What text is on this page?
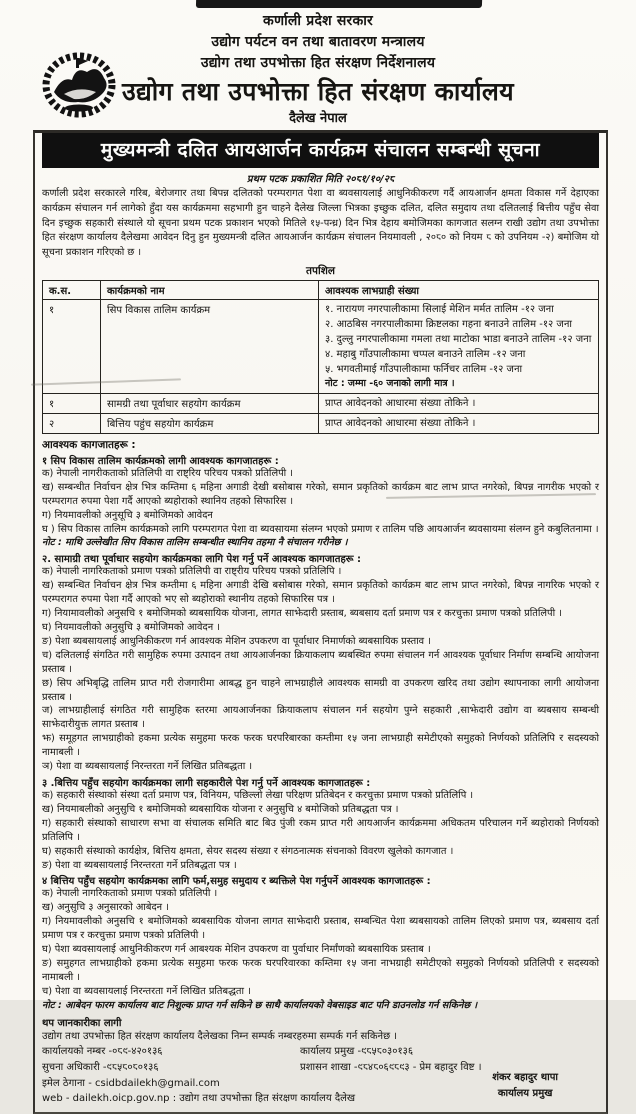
कर्णाली प्रदेश सरकार
उद्योग पर्यटन वन तथा बातावरण मन्त्रालय
उद्योग तथा उपभोक्ता हित संरक्षण निर्देशनालय
उद्योग तथा उपभोक्ता हित संरक्षण कार्यालय
दैलेख नेपाल
मुख्यमन्त्री दलित आयआर्जन कार्यक्रम संचालन सम्बन्धी सूचना
प्रथम पटक प्रकाशित मिति २०८१/१०/२८

कर्णाली प्रदेश सरकारले गरिब, बेरोजगार तथा बिपन्न दलितको परम्परागत पेशा वा ब्यवसायलाई आधुनिकीकरण गर्दै आयआर्जन क्षमता विकास गर्ने देहाएका कार्यक्रम संचालन गर्न लागेको हुँदा यस कार्यक्रममा सहभागी हुन चाहने दैलेख जिल्ला भित्रका इच्छुक दलित, दलित समुदाय तथा दलितलाई बित्तीय पहुँच सेवा दिन इच्छुक सहकारी संस्थाले यो सूचना प्रथम पटक प्रकाशन भएको मितिले १५-पन्ध्र) दिन भित्र देहाय बमोजिमका कागजात सलग्न राखी उद्योग तथा उपभोक्ता हित संरक्षण कार्यालय दैलेखमा आवेदन दिनु हुन मुख्यमन्त्री दलित आयआर्जन कार्यक्रम संचालन नियमावली , २०८० को नियम ८ को उपनियम -२) बमोजिम यो सूचना प्रकाशन गरिएको छ ।

तपशिल
क.स.	कार्यक्रमको नाम	आवश्यक लाभग्राही संख्या
१	सिप विकास तालिम कार्यक्रम	१. नारायण नगरपालीकामा सिलाई मेशिन मर्मत तालिम -१२ जना
२. आठबिस नगरपालीकामा क्रिष्टलका गहना बनाउने तालिम -१२ जना
३. दुल्लु नगरपालीकामा गमला तथा माटोका भाडा बनाउने तालिम -१२ जना
४. महाबु गाँउपालीकामा चप्पल बनाउने तालिम -१२ जना
५. भगवतीमाई गाँउपालीकामा फर्निचर तालिम -१२ जना
नोट : जम्मा -६० जनाको लागी मात्र ।

१	सामग्री तथा पूर्वाधार सहयोग कार्यक्रम	प्राप्त आवेदनको आधारमा संख्या तोकिने ।
२	बित्तिय पहुंच सहयोग कार्यक्रम	प्राप्त आवेदनको आधारमा संख्या तोकिने ।
आवश्यक कागजातहरू :
१ सिप विकास तालिम कार्यक्रमको लागी आवश्यक कागजातहरू :

क) नेपाली नागरीकताको प्रतिलिपी वा राष्ट्रिय परिचय पत्रको प्रतिलिपी ।

ख) सम्बन्धीत निर्वाचन क्षेत्र भित्र कम्तिमा ६ महिना अगाडी देखी बसोबास गरेको, समान प्रकृतिको कार्यक्रम बाट लाभ प्राप्त नगरेको, बिपन्न नागरीक भएको र परम्परागत रुपमा पेशा गर्दै आएको ब्यहोराको स्थानिय तहको सिफारिस ।

ग) नियमावलीको अनुसूचि ३ बमोजिमको आवेदन

घ ) सिप विकास तालिम कार्यक्रमको लागि परम्परागत पेशा वा ब्यवसायमा संलग्न भएको प्रमाण र तालिम पछि आयआर्जन ब्यवसायमा संलग्न हुने कबुलितनामा ।

नोट : माथि उल्लेखीत सिप विकास तालिम सम्बन्धीत स्थानिय तहमा नै संचालन गरीनेछ ।

२. सामाग्री तथा पूर्वाधार सहयोग कार्यक्रमका लागि पेश गर्नु पर्ने आवश्यक कागजातहरू :

क) नेपाली नागरिकताको प्रमाण पत्रको प्रतिलिपी वा राष्ट्रीय परिचय पत्रको प्रतिलिपि ।

ख) सम्बन्धित निर्वाचन क्षेत्र भित्र कम्तीमा ६ महिना अगाडी देखि बसोबास गरेको, समान प्रकृतिको कार्यक्रम बाट लाभ प्राप्त नगरेको, बिपन्न नागरिक भएको र परम्परागत रुपमा पेशा गर्दै आएको भए सो ब्यहोराको स्थानीय तहको सिफारिस पत्र ।

ग) नियामावलीको अनुसचि १ बमोजिमको ब्यबसायिक योजना, लागत साझेदारी प्रस्ताब, ब्यबसाय दर्ता प्रमाण पत्र र करचुक्ता प्रमाण पत्रको प्रतिलिपी ।

घ) नियमावलीको अनुसुचि ३ बमोजिमको आवेदन ।

ङ) पेशा ब्यबसायलाई आधुनिकीकरण गर्न आवश्यक मेशिन उपकरण वा पूर्वाधार निमार्णको ब्यबसायिक प्रस्ताव ।

च) दलितलाई संगठित गरी सामुहिक रुपमा उत्पादन तथा आयआर्जनका क्रियाकलाप ब्यबस्थित रुपमा संचालन गर्न आवश्यक पूर्वाधार निर्माण सम्बन्धि आयोजना प्रस्ताब ।

छ) सिप अभिबृद्धि तालिम प्राप्त गरी रोजगारीमा आबद्ध हुन चाहने लाभग्राहीले आवश्यक सामग्री वा उपकरण खरिद तथा उद्योग स्थापनाका लागी आयोजना प्रस्ताब ।

ज) लाभग्राहीलाई संगठित गरी सामुहिक स्तरमा आयआर्जनका क्रियाकलाप संचालन गर्न सहयोग पुग्ने सहकारी ,साझेदारी उद्योग वा ब्यबसाय सम्बन्धी साझेदारीयुक्त लागत प्रस्ताब ।

झ) समूहगत लाभग्राहीको हकमा प्रत्येक समुहमा फरक फरक घरपरिबारका कम्तीमा १५ जना लाभग्राही समेटीएको समुहको निर्णयको प्रतिलिपि र सदस्यको नामाबली ।

ञ) पेशा वा ब्यबसायलाई निरन्तरता गर्ने लिखित प्रतिबद्धता ।

३ .बित्तिय पहुँच सहयोग कार्यक्रमका लागी सहकारीले पेश गर्नु पर्ने आवश्यक कागजातहरू :

क) सहकारी संस्थाको संस्था दर्ता प्रमाण पत्र, विनियम, पछिल्लो लेखा परिक्षण प्रतिबेदन र करचुक्ता प्रमाण पत्रको प्रतिलिपि ।

ख) नियमाबलीको अनुसुचि १ बमोजिमको ब्यबसायिक योजना र अनुसुचि ४ बमोजिको प्रतिबद्धता पत्र ।

ग) सहकारी संस्थाको साधारण सभा वा संचालक समिति बाट बिउ पुंजी रकम प्राप्त गरी आयआर्जन कार्यक्रममा अधिकतम परिचालन गर्ने ब्यहोराको निर्णयको प्रतिलिपि ।

घ) सहकारी संस्थाको कार्यक्षेत्र, बित्तिय क्षमता, सेयर सदस्य संख्या र संगठनात्मक संचनाको विवरण खुलेको कागजात ।

ङ) पेशा वा ब्यबसायलाई निरन्तरता गर्ने प्रतिबद्धता पत्र ।

४ बित्तिय पहुँच सहयोग कार्यक्रमका लागि फर्म,समुह समुदाय र ब्यक्तिले पेश गर्नुपर्ने आवश्यक कागजातहरू :

क) नेपाली नागरिकताको प्रमाण पत्रको प्रतिलिपी ।

ख) अनुसुचि ३ अनुसारको आबेदन ।

ग) नियमावलीको अनुसचि १ बमोजिमको ब्यबसायिक योजना लागत साझेदारी प्रस्ताब, सम्बन्धित पेशा ब्यबसायको तालिम लिएको प्रमाण पत्र, ब्यबसाय दर्ता प्रमाण पत्र र करचुक्ता प्रमाण पत्रको प्रतिलिपी ।

घ) पेशा ब्यवसायलाई आधुनिकीकरण गर्न आबश्यक मेशिन उपकरण वा पुर्वाधार निर्मांणको ब्यबसायिक प्रस्ताब ।

ङ) समुहगत लाभग्राहीको हकमा प्रत्येक समुहमा फरक फरक घरपरिवारका कम्तिमा १५ जना नाभग्राही समेटीएको समुहको निर्णयको प्रतिलिपी र सदस्यको नामाबली ।

च) पेशा वा ब्यवसायलाई निरन्तरता गर्ने लिखित प्रतिबद्धता ।

नोट : आबेदन फारम कार्यालय बाट निशुल्क प्राप्त गर्न सकिने छ साथै कार्यालयको वेबसाइड बाट पनि डाउनलोड गर्न सकिनेछ ।

थप जानकारीका लागी
उद्योग तथा उपभोक्ता हित संरक्षण कार्यालय दैलेखका निम्न सम्पर्क नम्बरहरुमा सम्पर्क गर्न सकिनेछ ।
कार्यालयको नम्बर -०८९-४२०१३६	कार्यालय प्रमुख -९८५८०३०१३६
सुचना अधिकारी -९८५८०८०१३६	प्रशासन शाखा -९८४८०६९८९३ - प्रेम बहादुर विष्ट ।
इमेल ठेगाना - csidbdailekh@gmail.com
web - dailekh.oicp.gov.np : उद्योग तथा उपभोक्ता हित संरक्षण कार्यालय दैलेख
शंकर बहादुर थापा
कार्यालय प्रमुख
